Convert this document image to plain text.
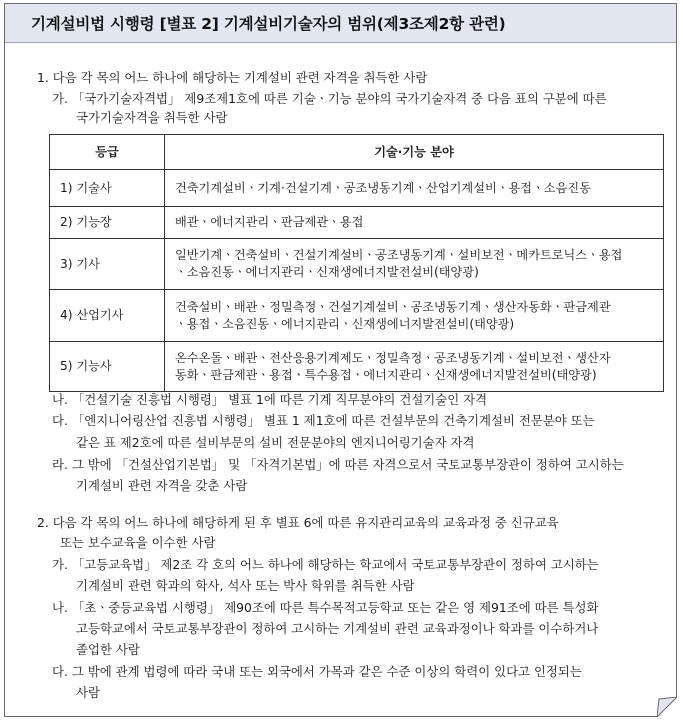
기계설비법 시행령 [별표 2] 기계설비기술자의 범위(제3조제2항 관련)
1. 다음 각 목의 어느 하나에 해당하는 기계설비 관련 자격을 취득한 사람
가. 「국가기술자격법」 제9조제1호에 따른 기술ㆍ기능 분야의 국가기술자격 중 다음 표의 구분에 따른
국가기술자격을 취득한 사람
등급	기술·기능 분야
1) 기술사	건축기계설비ㆍ기계·건설기계ㆍ공조냉동기계ㆍ산업기계설비ㆍ용접ㆍ소음진동

2) 기능장	배관ㆍ에너지관리ㆍ판금제관ㆍ용접

3) 기사	일반기계ㆍ건축설비ㆍ건설기계설비ㆍ공조냉동기계ㆍ설비보전ㆍ메카트로닉스ㆍ용접
ㆍ소음진동ㆍ에너지관리ㆍ신재생에너지발전설비(태양광)

4) 산업기사	건축설비ㆍ배관ㆍ정밀측정ㆍ건설기계설비ㆍ공조냉동기계ㆍ생산자동화ㆍ판금제관
ㆍ용접ㆍ소음진동ㆍ에너지관리ㆍ신재생에너지발전설비(태양광)

5) 기능사	온수온돌ㆍ배관ㆍ전산응용기계제도ㆍ정밀측정ㆍ공조냉동기계ㆍ설비보전ㆍ생산자
동화ㆍ판금제관ㆍ용접ㆍ특수용접ㆍ에너지관리ㆍ신재생에너지발전설비(태양광)
나. 「건설기술 진흥법 시행령」 별표 1에 따른 기계 직무분야의 건설기술인 자격
다. 「엔지니어링산업 진흥법 시행령」 별표 1 제1호에 따른 건설부문의 건축기계설비 전문분야 또는
같은 표 제2호에 따른 설비부문의 설비 전문분야의 엔지니어링기술자 자격
라. 그 밖에 「건설산업기본법」 및 「자격기본법」에 따른 자격으로서 국토교통부장관이 정하여 고시하는
기계설비 관련 자격을 갖춘 사람
2. 다음 각 목의 어느 하나에 해당하게 된 후 별표 6에 따른 유지관리교육의 교육과정 중 신규교육
또는 보수교육을 이수한 사람
가. 「고등교육법」 제2조 각 호의 어느 하나에 해당하는 학교에서 국토교통부장관이 정하여 고시하는
기계설비 관련 학과의 학사, 석사 또는 박사 학위를 취득한 사람
나. 「초ㆍ중등교육법 시행령」 제90조에 따른 특수목적고등학교 또는 같은 영 제91조에 따른 특성화
고등학교에서 국토교통부장관이 정하여 고시하는 기계설비 관련 교육과정이나 학과를 이수하거나
졸업한 사람
다. 그 밖에 관계 법령에 따라 국내 또는 외국에서 가목과 같은 수준 이상의 학력이 있다고 인정되는
사람
